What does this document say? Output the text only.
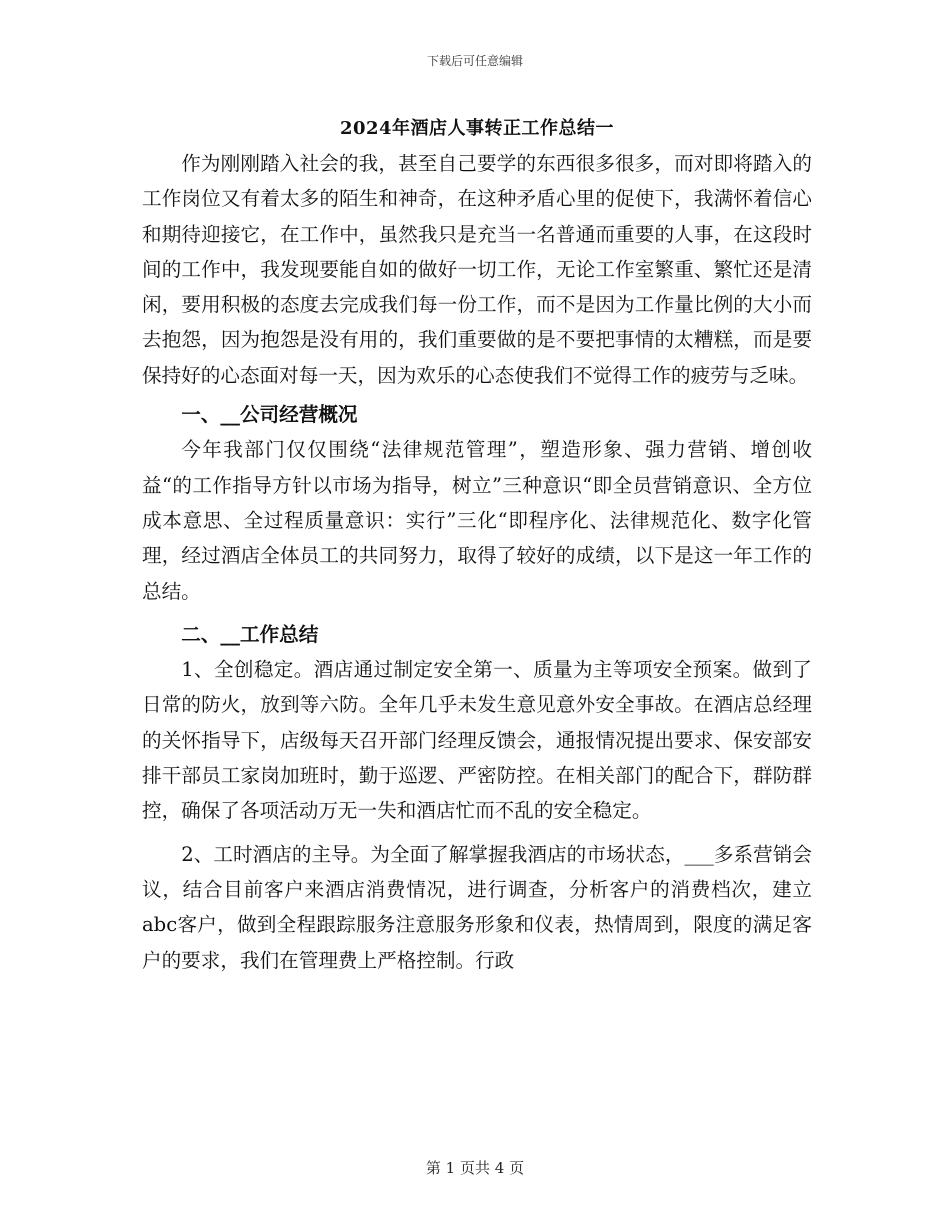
下载后可任意编辑
2024年酒店人事转正工作总结一

作为刚刚踏入社会的我，甚至自己要学的东西很多很多，而对即将踏入的工作岗位又有着太多的陌生和神奇，在这种矛盾心里的促使下，我满怀着信心和期待迎接它，在工作中，虽然我只是充当一名普通而重要的人事，在这段时间的工作中，我发现要能自如的做好一切工作，无论工作室繁重、繁忙还是清闲，要用积极的态度去完成我们每一份工作，而不是因为工作量比例的大小而去抱怨，因为抱怨是没有用的，我们重要做的是不要把事情的太糟糕，而是要保持好的心态面对每一天，因为欢乐的心态使我们不觉得工作的疲劳与乏味。

一、__公司经营概况

今年我部门仅仅围绕“法律规范管理”，塑造形象、强力营销、增创收益“的工作指导方针以市场为指导，树立”三种意识“即全员营销意识、全方位成本意思、全过程质量意识：实行”三化“即程序化、法律规范化、数字化管理，经过酒店全体员工的共同努力，取得了较好的成绩，以下是这一年工作的总结。

二、__工作总结

1、全创稳定。酒店通过制定安全第一、质量为主等项安全预案。做到了日常的防火，放到等六防。全年几乎未发生意见意外安全事故。在酒店总经理的关怀指导下，店级每天召开部门经理反馈会，通报情况提出要求、保安部安排干部员工家岗加班时，勤于巡逻、严密防控。在相关部门的配合下，群防群控，确保了各项活动万无一失和酒店忙而不乱的安全稳定。

2、工时酒店的主导。为全面了解掌握我酒店的市场状态，___多系营销会议，结合目前客户来酒店消费情况，进行调查，分析客户的消费档次，建立abc客户，做到全程跟踪服务注意服务形象和仪表，热情周到，限度的满足客户的要求，我们在管理费上严格控制。行政

第 1 页共 4 页
